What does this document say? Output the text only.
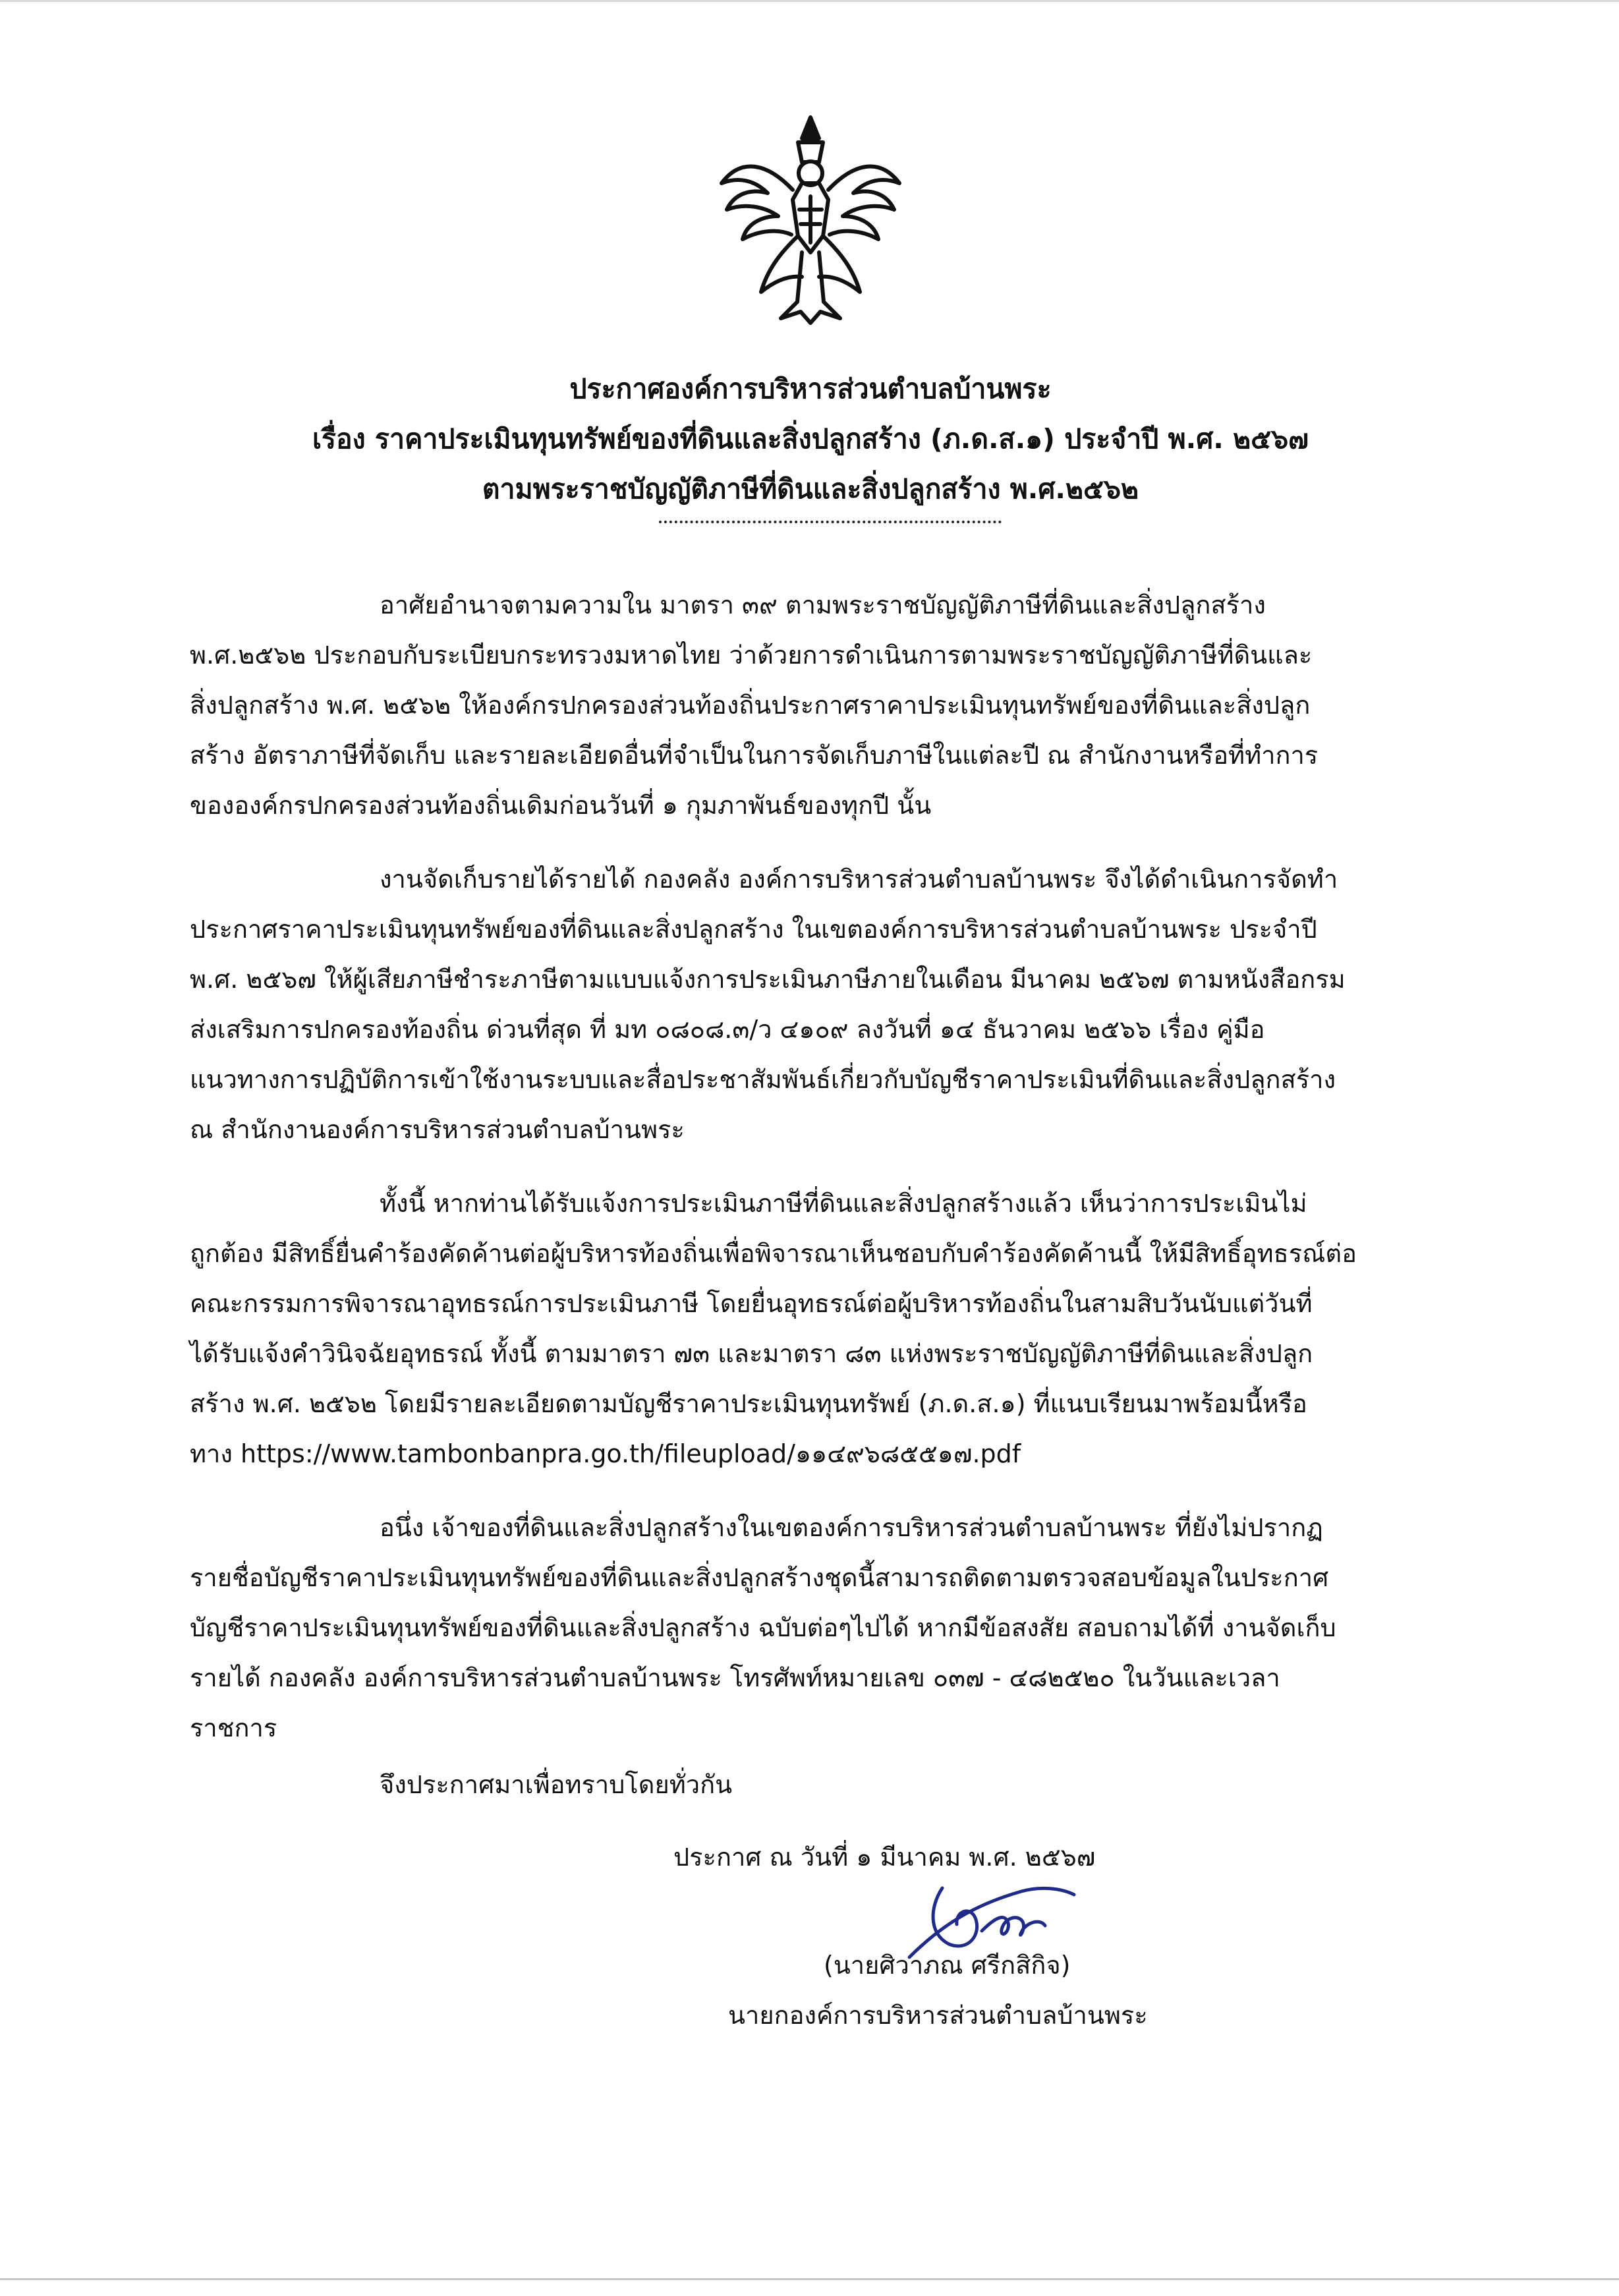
ประกาศองค์การบริหารส่วนตำบลบ้านพระ
เรื่อง ราคาประเมินทุนทรัพย์ของที่ดินและสิ่งปลูกสร้าง (ภ.ด.ส.๑) ประจำปี พ.ศ. ๒๕๖๗
ตามพระราชบัญญัติภาษีที่ดินและสิ่งปลูกสร้าง พ.ศ.๒๕๖๒

อาศัยอำนาจตามความใน มาตรา ๓๙ ตามพระราชบัญญัติภาษีที่ดินและสิ่งปลูกสร้าง

พ.ศ.๒๕๖๒ ประกอบกับระเบียบกระทรวงมหาดไทย ว่าด้วยการดำเนินการตามพระราชบัญญัติภาษีที่ดินและ

สิ่งปลูกสร้าง พ.ศ. ๒๕๖๒ ให้องค์กรปกครองส่วนท้องถิ่นประกาศราคาประเมินทุนทรัพย์ของที่ดินและสิ่งปลูก

สร้าง อัตราภาษีที่จัดเก็บ และรายละเอียดอื่นที่จำเป็นในการจัดเก็บภาษีในแต่ละปี ณ สำนักงานหรือที่ทำการ

ขององค์กรปกครองส่วนท้องถิ่นเดิมก่อนวันที่ ๑ กุมภาพันธ์ของทุกปี นั้น

งานจัดเก็บรายได้รายได้ กองคลัง องค์การบริหารส่วนตำบลบ้านพระ จึงได้ดำเนินการจัดทำ

ประกาศราคาประเมินทุนทรัพย์ของที่ดินและสิ่งปลูกสร้าง ในเขตองค์การบริหารส่วนตำบลบ้านพระ ประจำปี

พ.ศ. ๒๕๖๗ ให้ผู้เสียภาษีชำระภาษีตามแบบแจ้งการประเมินภาษีภายในเดือน มีนาคม ๒๕๖๗ ตามหนังสือกรม

ส่งเสริมการปกครองท้องถิ่น ด่วนที่สุด ที่ มท ๐๘๐๘.๓/ว ๔๑๐๙ ลงวันที่ ๑๔ ธันวาคม ๒๕๖๖ เรื่อง คู่มือ

แนวทางการปฏิบัติการเข้าใช้งานระบบและสื่อประชาสัมพันธ์เกี่ยวกับบัญชีราคาประเมินที่ดินและสิ่งปลูกสร้าง

ณ สำนักงานองค์การบริหารส่วนตำบลบ้านพระ

ทั้งนี้ หากท่านได้รับแจ้งการประเมินภาษีที่ดินและสิ่งปลูกสร้างแล้ว เห็นว่าการประเมินไม่

ถูกต้อง มีสิทธิ์ยื่นคำร้องคัดค้านต่อผู้บริหารท้องถิ่นเพื่อพิจารณาเห็นชอบกับคำร้องคัดค้านนี้ ให้มีสิทธิ์อุทธรณ์ต่อ

คณะกรรมการพิจารณาอุทธรณ์การประเมินภาษี โดยยื่นอุทธรณ์ต่อผู้บริหารท้องถิ่นในสามสิบวันนับแต่วันที่

ได้รับแจ้งคำวินิจฉัยอุทธรณ์ ทั้งนี้ ตามมาตรา ๗๓ และมาตรา ๘๓ แห่งพระราชบัญญัติภาษีที่ดินและสิ่งปลูก

สร้าง พ.ศ. ๒๕๖๒ โดยมีรายละเอียดตามบัญชีราคาประเมินทุนทรัพย์ (ภ.ด.ส.๑) ที่แนบเรียนมาพร้อมนี้หรือ

ทาง https://www.tambonbanpra.go.th/fileupload/๑๑๔๙๖๘๕๕๑๗.pdf

อนึ่ง เจ้าของที่ดินและสิ่งปลูกสร้างในเขตองค์การบริหารส่วนตำบลบ้านพระ ที่ยังไม่ปรากฏ

รายชื่อบัญชีราคาประเมินทุนทรัพย์ของที่ดินและสิ่งปลูกสร้างชุดนี้สามารถติดตามตรวจสอบข้อมูลในประกาศ

บัญชีราคาประเมินทุนทรัพย์ของที่ดินและสิ่งปลูกสร้าง ฉบับต่อๆไปได้ หากมีข้อสงสัย สอบถามได้ที่ งานจัดเก็บ

รายได้ กองคลัง องค์การบริหารส่วนตำบลบ้านพระ โทรศัพท์หมายเลข ๐๓๗ - ๔๘๒๕๒๐ ในวันและเวลา

ราชการ

จึงประกาศมาเพื่อทราบโดยทั่วกัน

ประกาศ ณ วันที่ ๑ มีนาคม พ.ศ. ๒๕๖๗
(นายศิวาภณ ศรีกสิกิจ)
นายกองค์การบริหารส่วนตำบลบ้านพระ
